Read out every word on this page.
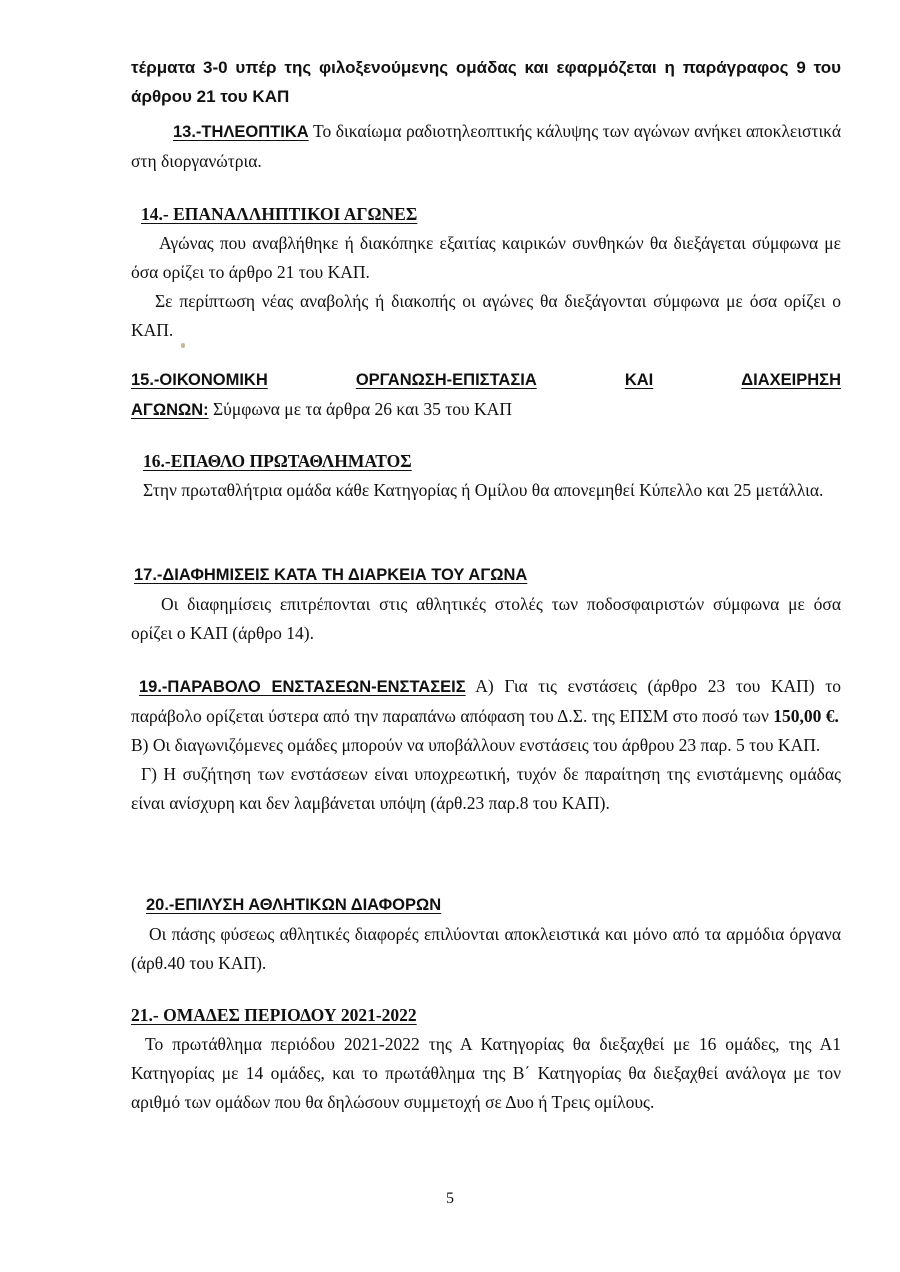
τέρματα 3-0 υπέρ της φιλοξενούμενης ομάδας και εφαρμόζεται η παράγραφος 9 του άρθρου 21 του ΚΑΠ

13.-ΤΗΛΕΟΠΤΙΚΑ Το δικαίωμα ραδιοτηλεοπτικής κάλυψης των αγώνων ανήκει αποκλειστικά στη διοργανώτρια.

14.- ΕΠΑΝΑΛΛΗΠΤΙΚΟΙ ΑΓΩΝΕΣ

Αγώνας που αναβλήθηκε ή διακόπηκε εξαιτίας καιρικών συνθηκών θα διεξάγεται σύμφωνα με όσα ορίζει το άρθρο 21 του ΚΑΠ.

Σε περίπτωση νέας αναβολής ή διακοπής οι αγώνες θα διεξάγονται σύμφωνα με όσα ορίζει ο ΚΑΠ.

15.-ΟΙΚΟΝΟΜΙΚΗ	ΟΡΓΑΝΩΣΗ-ΕΠΙΣΤΑΣΙΑ	ΚΑΙ	ΔΙΑΧΕΙΡΗΣΗ

ΑΓΩΝΩΝ: Σύμφωνα με τα άρθρα 26 και 35 του ΚΑΠ

16.-ΕΠΑΘΛΟ ΠΡΩΤΑΘΛΗΜΑΤΟΣ

Στην πρωταθλήτρια ομάδα κάθε Κατηγορίας ή Ομίλου θα απονεμηθεί Κύπελλο και 25 μετάλλια.

17.-ΔΙΑΦΗΜΙΣΕΙΣ ΚΑΤΑ ΤΗ ΔΙΑΡΚΕΙΑ ΤΟΥ ΑΓΩΝΑ

Οι διαφημίσεις επιτρέπονται στις αθλητικές στολές των ποδοσφαιριστών σύμφωνα με όσα ορίζει ο ΚΑΠ (άρθρο 14).

19.-ΠΑΡΑΒΟΛΟ ΕΝΣΤΑΣΕΩΝ-ΕΝΣΤΑΣΕΙΣ Α) Για τις ενστάσεις (άρθρο 23 του ΚΑΠ) το παράβολο ορίζεται ύστερα από την παραπάνω απόφαση του Δ.Σ. της ΕΠΣΜ στο ποσό των 150,00 €.

Β) Οι διαγωνιζόμενες ομάδες μπορούν να υποβάλλουν ενστάσεις του άρθρου 23 παρ. 5 του ΚΑΠ.

Γ) Η συζήτηση των ενστάσεων είναι υποχρεωτική, τυχόν δε παραίτηση της ενιστάμενης ομάδας είναι ανίσχυρη και δεν λαμβάνεται υπόψη (άρθ.23 παρ.8 του ΚΑΠ).

20.-ΕΠΙΛΥΣΗ ΑΘΛΗΤΙΚΩΝ ΔΙΑΦΟΡΩΝ

Οι πάσης φύσεως αθλητικές διαφορές επιλύονται αποκλειστικά και μόνο από τα αρμόδια όργανα (άρθ.40 του ΚΑΠ).

21.- ΟΜΑΔΕΣ ΠΕΡΙΟΔΟΥ 2021-2022

Το πρωτάθλημα περιόδου 2021-2022 της Α Κατηγορίας θα διεξαχθεί με 16 ομάδες, της Α1 Κατηγορίας με 14 ομάδες, και το πρωτάθλημα της Β΄ Κατηγορίας θα διεξαχθεί ανάλογα με τον αριθμό των ομάδων που θα δηλώσουν συμμετοχή σε Δυο ή Τρεις ομίλους.

5
